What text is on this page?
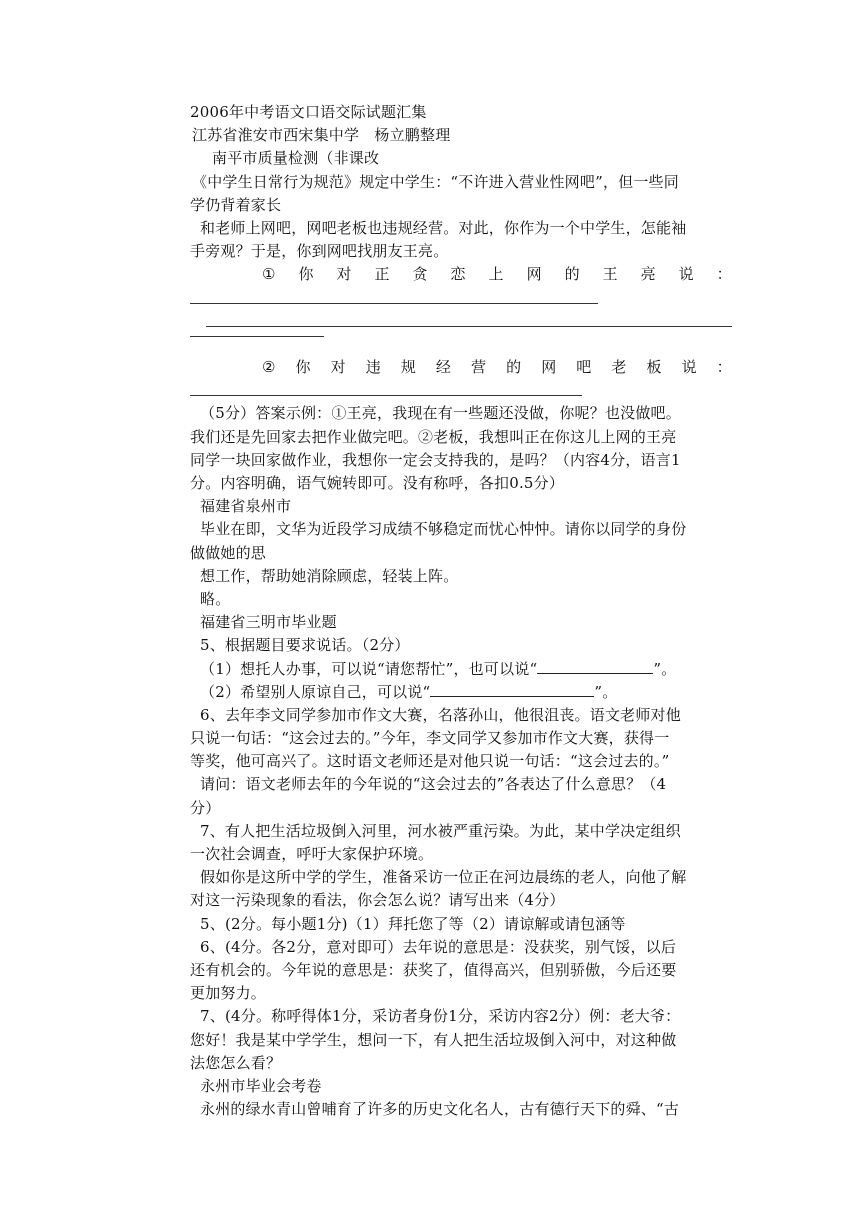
2006年中考语文口语交际试题汇集
江苏省淮安市西宋集中学　杨立鹏整理
南平市质量检测（非课改
《中学生日常行为规范》规定中学生：“不许进入营业性网吧”，但一些同
学仍背着家长
和老师上网吧，网吧老板也违规经营。对此，你作为一个中学生，怎能袖
手旁观？于是，你到网吧找朋友王亮。
① 你 对 正 贪 恋 上 网 的 王 亮 说 ：
② 你 对 违 规 经 营 的 网 吧 老 板 说 ：
（5分）答案示例：①王亮，我现在有一些题还没做，你呢？也没做吧。
我们还是先回家去把作业做完吧。②老板，我想叫正在你这儿上网的王亮
同学一块回家做作业，我想你一定会支持我的，是吗？（内容4分，语言1
分。内容明确，语气婉转即可。没有称呼，各扣0.5分）
福建省泉州市
毕业在即，文华为近段学习成绩不够稳定而忧心忡忡。请你以同学的身份
做做她的思
想工作，帮助她消除顾虑，轻装上阵。
略。
福建省三明市毕业题
5、根据题目要求说话。（2分）
（1）想托人办事，可以说“请您帮忙”，也可以说“	”。
（2）希望别人原谅自己，可以说“	”。
6、去年李文同学参加市作文大赛，名落孙山，他很沮丧。语文老师对他
只说一句话：“这会过去的。”今年，李文同学又参加市作文大赛，获得一
等奖，他可高兴了。这时语文老师还是对他只说一句话：“这会过去的。”
请问：语文老师去年的今年说的“这会过去的”各表达了什么意思？（4
分）
7、有人把生活垃圾倒入河里，河水被严重污染。为此，某中学决定组织
一次社会调查，呼吁大家保护环境。
假如你是这所中学的学生，准备采访一位正在河边晨练的老人，向他了解
对这一污染现象的看法，你会怎么说？请写出来（4分）
5、(2分。每小题1分)（1）拜托您了等（2）请谅解或请包涵等
6、(4分。各2分，意对即可）去年说的意思是：没获奖，别气馁，以后
还有机会的。今年说的意思是：获奖了，值得高兴，但别骄傲，今后还要
更加努力。
7、(4分。称呼得体1分，采访者身份1分，采访内容2分）例：老大爷：
您好！我是某中学学生，想问一下，有人把生活垃圾倒入河中，对这种做
法您怎么看？
永州市毕业会考卷
永州的绿水青山曾哺育了许多的历史文化名人，古有德行天下的舜、“古
